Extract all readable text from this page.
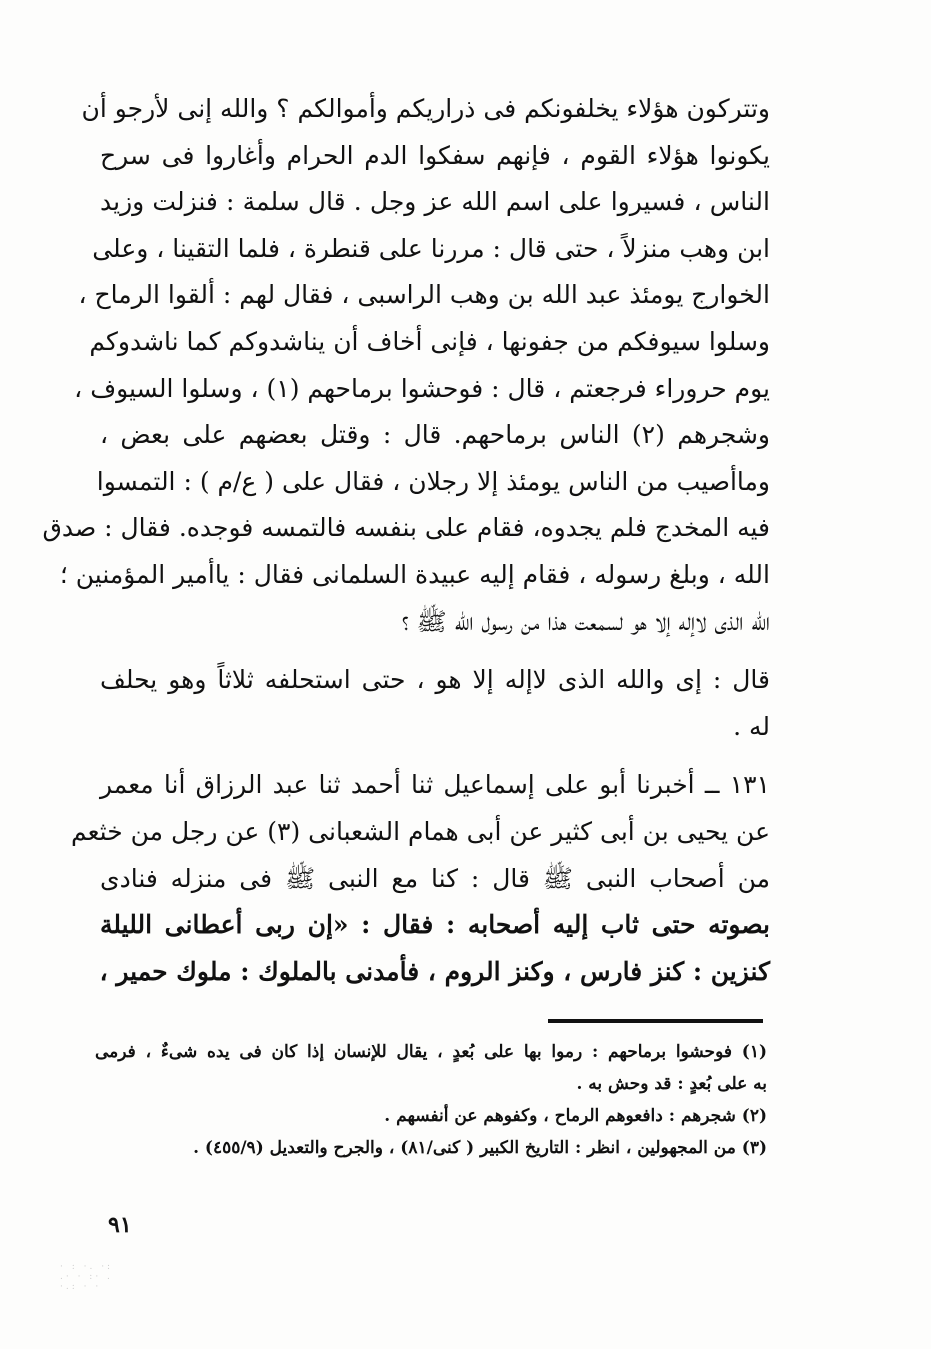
وتتركون هؤلاء يخلفونكم فى ذراريكم وأموالكم ؟ والله إنى لأرجو أن
يكونوا هؤلاء القوم ، فإنهم سفكوا الدم الحرام وأغاروا فى سرح
الناس ، فسيروا على اسم الله عز وجل . قال سلمة : فنزلت وزيد
ابن وهب منزلاً ، حتى قال : مررنا على قنطرة ، فلما التقينا ، وعلى
الخوارج يومئذ عبد الله بن وهب الراسبى ، فقال لهم : ألقوا الرماح ،
وسلوا سيوفكم من جفونها ، فإنى أخاف أن يناشدوكم كما ناشدوكم
يوم حروراء فرجعتم ، قال : فوحشوا برماحهم (١) ، وسلوا السيوف ،
وشجرهم (٢) الناس برماحهم. قال : وقتل بعضهم على بعض ،
وماأصيب من الناس يومئذ إلا رجلان ، فقال على ( ع/م ) : التمسوا
فيه المخدج فلم يجدوه، فقام على بنفسه فالتمسه فوجده. فقال : صدق
الله ، وبلغ رسوله ، فقام إليه عبيدة السلمانى فقال : ياأمير المؤمنين ؛
الله الذى لاإله إلا هو لسمعت هذا من رسول الله ﷺ ؟
قال : إى والله الذى لاإله إلا هو ، حتى استحلفه ثلاثاً وهو يحلف
له .
١٣١ ــ أخبرنا أبو على إسماعيل ثنا أحمد ثنا عبد الرزاق أنا معمر
عن يحيى بن أبى كثير عن أبى همام الشعبانى (٣) عن رجل من خثعم
من أصحاب النبى ﷺ قال : كنا مع النبى ﷺ فى منزله فنادى
بصوته حتى ثاب إليه أصحابه : فقال : «إن ربى أعطانى الليلة
كنزين : كنز فارس ، وكنز الروم ، فأمدنى بالملوك : ملوك حمير ،
(١) فوحشوا برماحهم : رموا بها على بُعدٍ ، يقال للإنسان إذا كان فى يده شىءٌ ، فرمى
به على بُعدٍ : قد وحش به .
(٢) شجرهم : دافعوهم الرماح ، وكفوهم عن أنفسهم .
(٣) من المجهولين ، انظر : التاريخ الكبير ( كنى/٨١) ، والجرح والتعديل (٤٥٥/٩) .
٩١
· : ·. ·:
.· · :· .
·.: · ·
